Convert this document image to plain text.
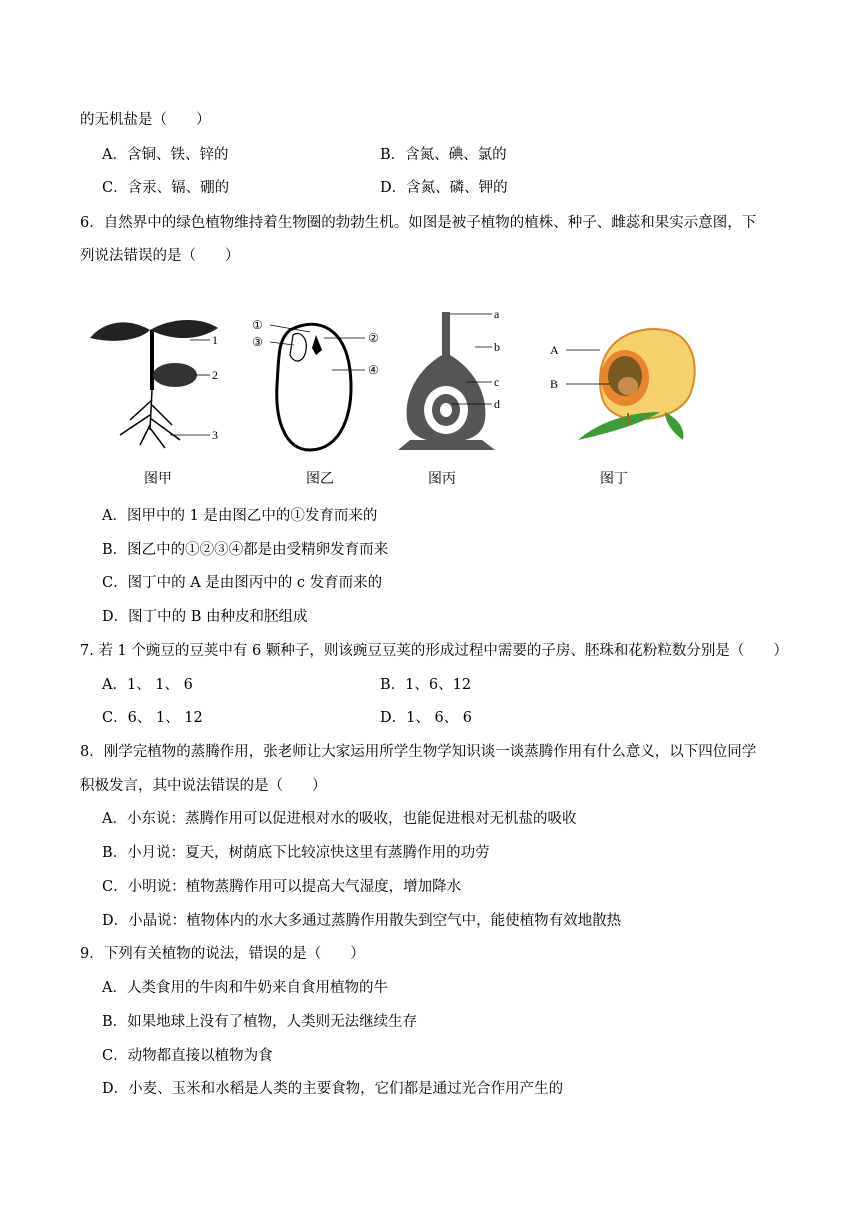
的无机盐是（　　）
A．含铜、铁、锌的	B．含氮、碘、氯的
C．含汞、镉、硼的	D．含氮、磷、钾的
6．自然界中的绿色植物维持着生物圈的勃勃生机。如图是被子植物的植株、种子、雌蕊和果实示意图，下
列说法错误的是（　　）
1
2
3
①
②
③
④
a
b
c
d
A
B
图甲	图乙	图丙	图丁
A．图甲中的 1 是由图乙中的①发育而来的
B．图乙中的①②③④都是由受精卵发育而来
C．图丁中的 A 是由图丙中的 c 发育而来的
D．图丁中的 B 由种皮和胚组成
7. 若 1 个豌豆的豆荚中有 6 颗种子，则该豌豆豆荚的形成过程中需要的子房、胚珠和花粉粒数分别是（　　）
A．1、 1、 6	B．1、6、12
C．6、 1、 12	D．1、 6、 6
8．刚学完植物的蒸腾作用，张老师让大家运用所学生物学知识谈一谈蒸腾作用有什么意义，以下四位同学
积极发言，其中说法错误的是（　　）
A．小东说：蒸腾作用可以促进根对水的吸收，也能促进根对无机盐的吸收
B．小月说：夏天，树荫底下比较凉快这里有蒸腾作用的功劳
C．小明说：植物蒸腾作用可以提高大气湿度，增加降水
D．小晶说：植物体内的水大多通过蒸腾作用散失到空气中，能使植物有效地散热
9．下列有关植物的说法，错误的是（　　）
A．人类食用的牛肉和牛奶来自食用植物的牛
B．如果地球上没有了植物，人类则无法继续生存
C．动物都直接以植物为食
D．小麦、玉米和水稻是人类的主要食物，它们都是通过光合作用产生的
